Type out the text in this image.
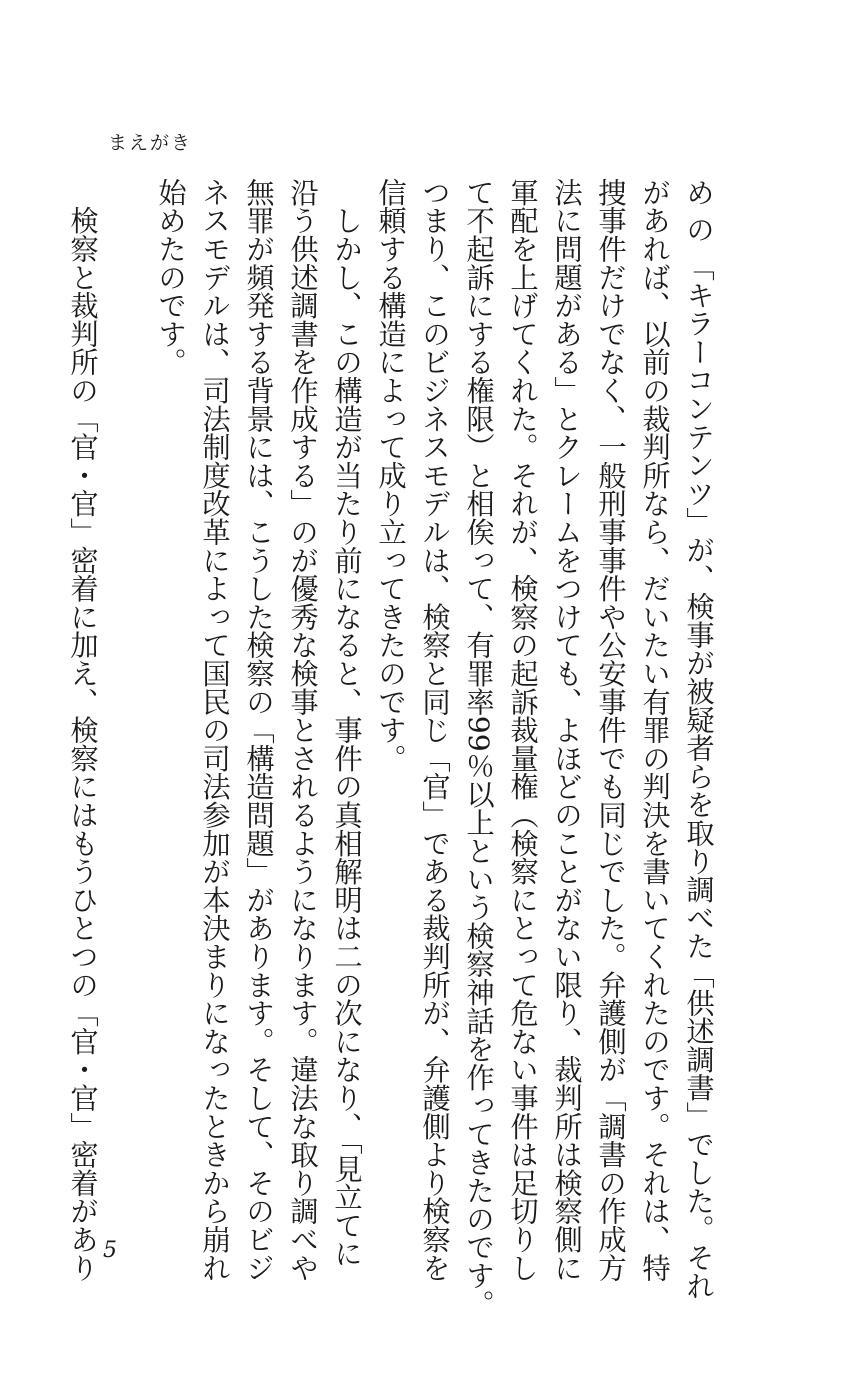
まえがき
め の 「キラーコンテンツ」が、検事が被疑者らを取り調べた「供述調書」でした。それ
があれば、以前の裁判所なら、だいたい有罪の判決を書いてくれたのです。それは、特
捜事件だけでなく、一般刑事事件や公安事件でも同じでした。弁護側が「調書の作成方
法に問題がある」とクレームをつけても、よほどのことがない限り、裁判所は検察側に
軍配を上げてくれた。それが、検察の起訴裁量権（検察にとって危ない事件は足切りし
て不起訴にする権限）と相俟って、有罪率99％以上という検察神話を作ってきたのです。
つまり、このビジネスモデルは、検察と同じ「官」である裁判所が、弁護側より検察を
信頼する構造によって成り立ってきたのです。
　しかし、この構造が当たり前になると、事件の真相解明は二の次になり、「見立てに
沿う供述調書を作成する」のが優秀な検事とされるようになります。違法な取り調べや
無罪が頻発する背景には、こうした検察の「構造問題」があります。そして、そのビジ
ネスモデルは、司法制度改革によって国民の司法参加が本決まりになったときから崩れ
始めたのです。
　検察と裁判所の「官・官」密着に加え、検察にはもうひとつの「官・官」密着があり 5
